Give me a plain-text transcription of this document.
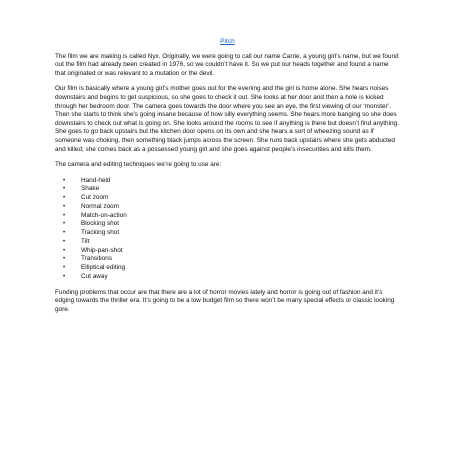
Pitch

The film we are making is called Nyx. Originally, we were going to call our name Carrie, a young girl’s name, but we found out the film had already been created in 1976, so we couldn’t have it. So we put our heads together and found a name that originated or was relevant to a mutation or the devil.

Our film is basically where a young girl’s mother goes out for the evening and the girl is home alone. She hears noises downstairs and begins to get suspicious, so she goes to check it out. She looks at her door and then a hole is kicked through her bedroom door. The camera goes towards the door where you see an eye, the first viewing of our ‘monster’. Then she starts to think she’s going insane because of how silly everything seems. She hears more banging so she does downstairs to check out what is going on. She looks around the rooms to see if anything is there but doesn’t find anything. She goes to go back upstairs but the kitchen door opens on its own and she hears a sort of wheezing sound as if someone was choking, then something black jumps across the screen. She runs back upstairs where she gets abducted and killed; she comes back as a possessed young girl and she goes against people’s insecurities and kills them.

The camera and editing techniques we’re going to use are:

• Hand-held
• Shake
• Cut zoom
• Normal zoom
• Match-on-action
• Blocking shot
• Tracking shot
• Tilt
• Whip-pan-shot
• Transitions
• Elliptical editing
• Cut away

Funding problems that occur are that there are a lot of horror movies lately and horror is going out of fashion and it’s edging towards the thriller era. It’s going to be a low budget film so there won’t be many special effects or classic looking gore.
